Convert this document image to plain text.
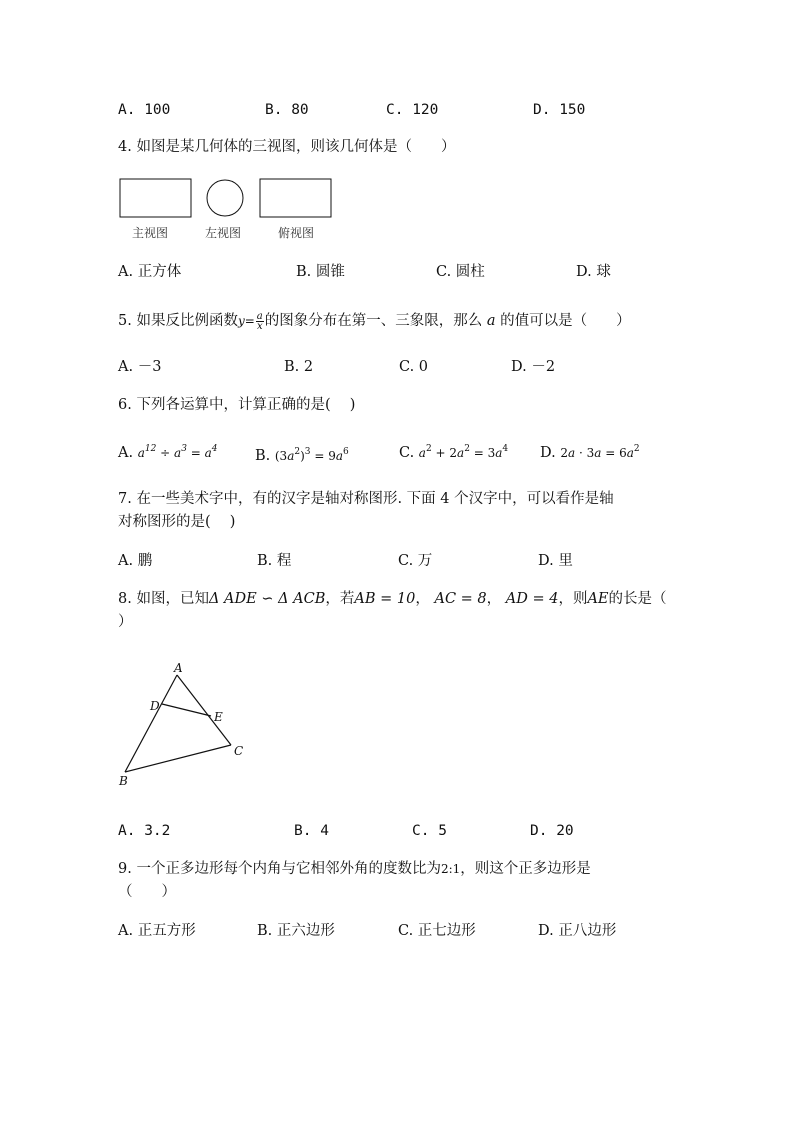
A. 100	B. 80	C. 120	D. 150
4. 如图是某几何体的三视图，则该几何体是（　　）
主视图	左视图	俯视图
A. 正方体	B. 圆锥	C. 圆柱	D. 球
5. 如果反比例函数$y= \frac{a}{x}$ 的图象分布在第一、三象限，那么 a 的值可以是（　　）
A. －3	B. 2	C. 0	D. －2
6. 下列各运算中，计算正确的是(　 )
A. $a^{12} \div a^3 = a^4$	B. $(3a^2)^3 = 9a^6$	C. $a^2 + 2a^2 = 3a^4$ D. $2a \cdot 3a = 6a^2$
7. 在一些美术字中，有的汉字是轴对称图形. 下面 4 个汉字中，可以看作是轴
对称图形的是(　 )
A. 鹏	B. 程	C. 万	D. 里
8. 如图，已知Δ ADE ∽ Δ ACB，若AB = 10， AC = 8， AD = 4，则AE的长是（
）
A
D
E
C
B
A. 3.2	B. 4	C. 5	D. 20
9. 一个正多边形每个内角与它相邻外角的度数比为2:1，则这个正多边形是
（　　）
A. 正五方形	B. 正六边形	C. 正七边形	D. 正八边形
